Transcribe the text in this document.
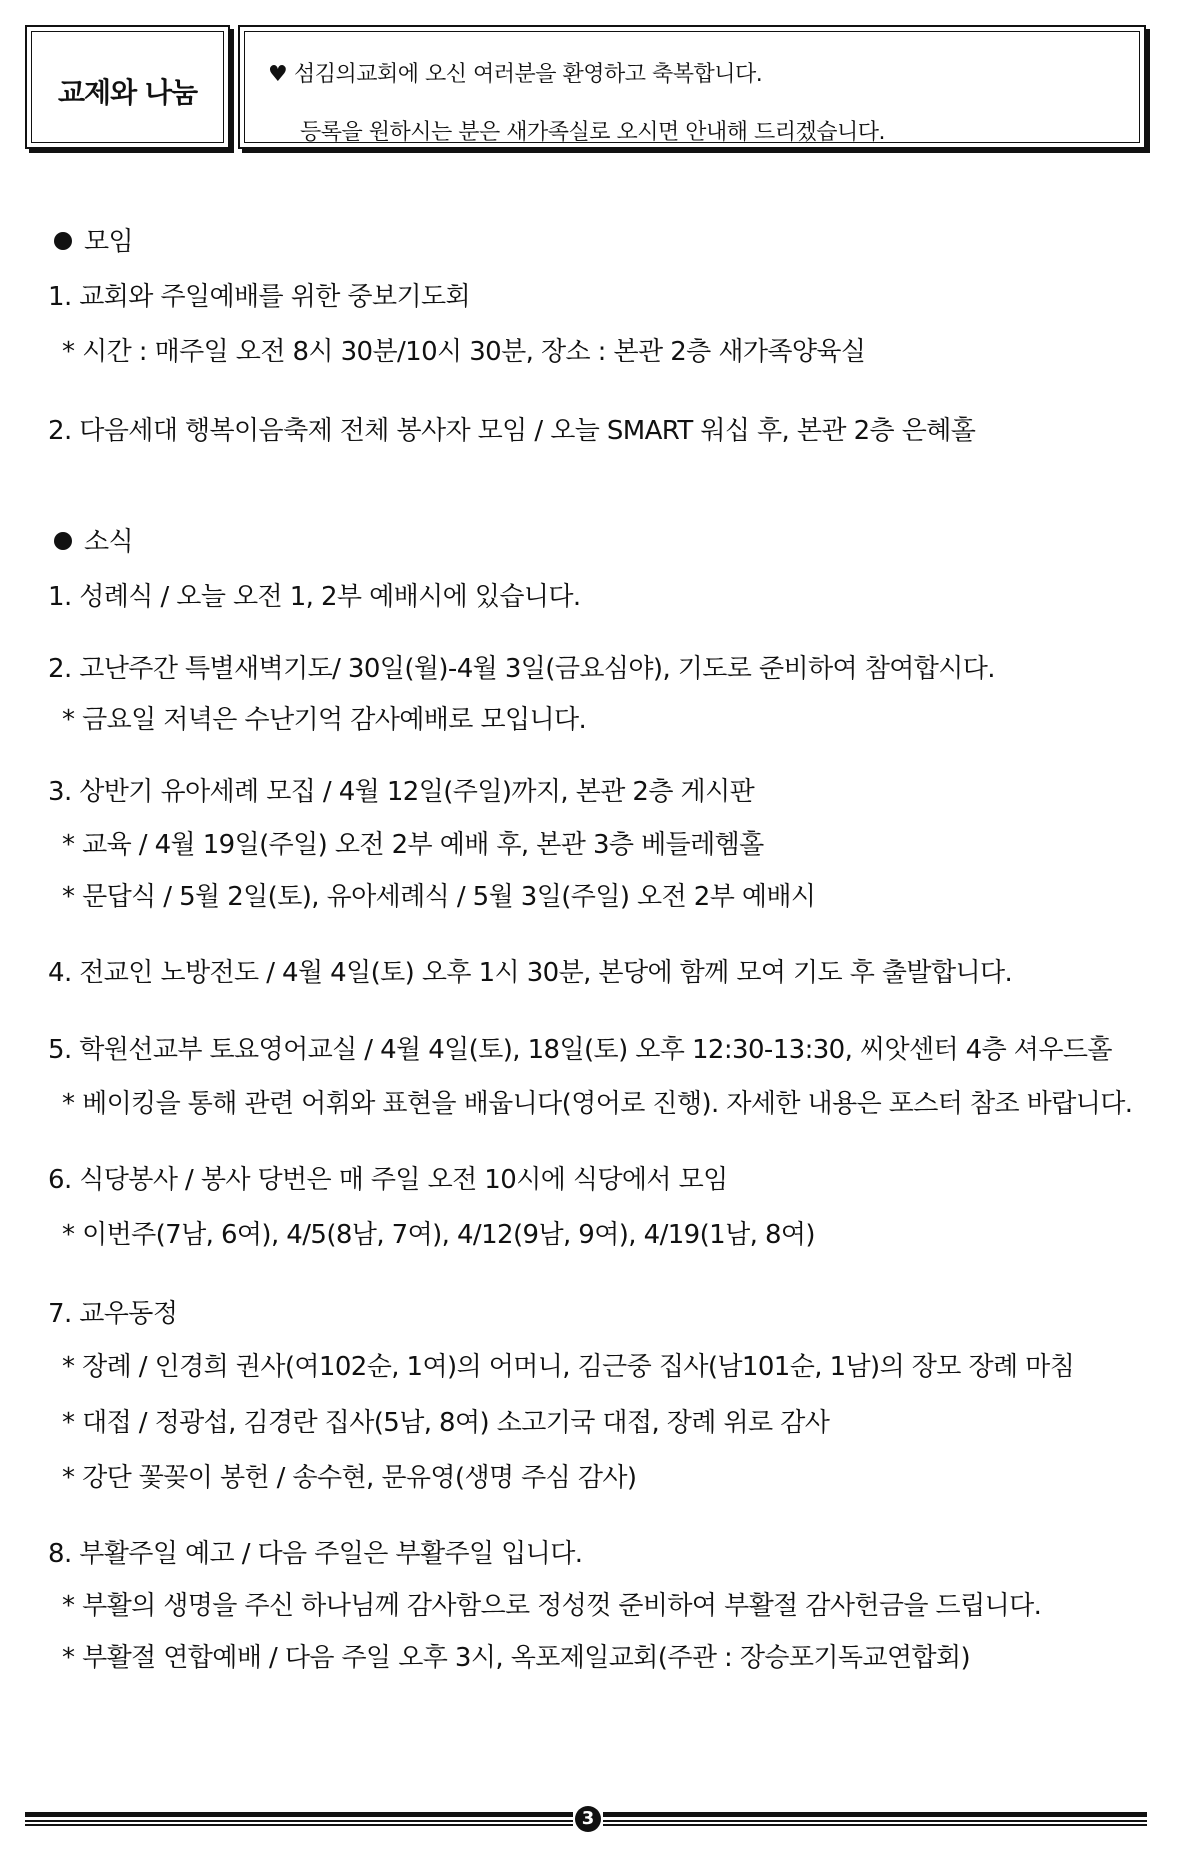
교제와 나눔
♥ 섬김의교회에 오신 여러분을 환영하고 축복합니다.
등록을 원하시는 분은 새가족실로 오시면 안내해 드리겠습니다.
모임
1. 교회와 주일예배를 위한 중보기도회
* 시간 : 매주일 오전 8시 30분/10시 30분, 장소 : 본관 2층 새가족양육실
2. 다음세대 행복이음축제 전체 봉사자 모임 / 오늘 SMART 워십 후, 본관 2층 은혜홀
소식
1. 성례식 / 오늘 오전 1, 2부 예배시에 있습니다.
2. 고난주간 특별새벽기도/ 30일(월)-4월 3일(금요심야), 기도로 준비하여 참여합시다.
* 금요일 저녁은 수난기억 감사예배로 모입니다.
3. 상반기 유아세례 모집 / 4월 12일(주일)까지, 본관 2층 게시판
* 교육 / 4월 19일(주일) 오전 2부 예배 후, 본관 3층 베들레헴홀
* 문답식 / 5월 2일(토), 유아세례식 / 5월 3일(주일) 오전 2부 예배시
4. 전교인 노방전도 / 4월 4일(토) 오후 1시 30분, 본당에 함께 모여 기도 후 출발합니다.
5. 학원선교부 토요영어교실 / 4월 4일(토), 18일(토) 오후 12:30-13:30, 씨앗센터 4층 셔우드홀
* 베이킹을 통해 관련 어휘와 표현을 배웁니다(영어로 진행). 자세한 내용은 포스터 참조 바랍니다.
6. 식당봉사 / 봉사 당번은 매 주일 오전 10시에 식당에서 모임
* 이번주(7남, 6여), 4/5(8남, 7여), 4/12(9남, 9여), 4/19(1남, 8여)
7. 교우동정
* 장례 / 인경희 권사(여102순, 1여)의 어머니, 김근중 집사(남101순, 1남)의 장모 장례 마침
* 대접 / 정광섭, 김경란 집사(5남, 8여) 소고기국 대접, 장례 위로 감사
* 강단 꽃꽂이 봉헌 / 송수현, 문유영(생명 주심 감사)
8. 부활주일 예고 / 다음 주일은 부활주일 입니다.
* 부활의 생명을 주신 하나님께 감사함으로 정성껏 준비하여 부활절 감사헌금을 드립니다.
* 부활절 연합예배 / 다음 주일 오후 3시, 옥포제일교회(주관 : 장승포기독교연합회)
3
